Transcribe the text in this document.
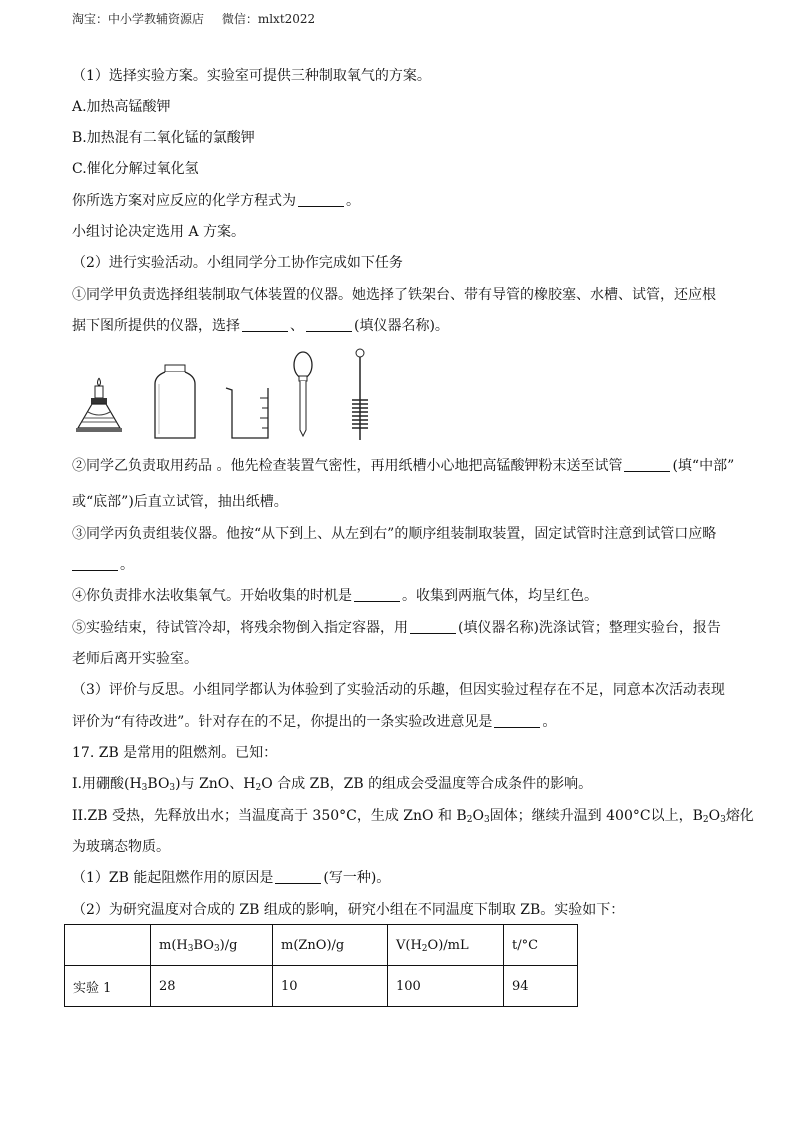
淘宝：中小学教辅资源店 微信：mlxt2022
（1）选择实验方案。实验室可提供三种制取氧气的方案。
A.加热高锰酸钾
B.加热混有二氧化锰的氯酸钾
C.催化分解过氧化氢
你所选方案对应反应的化学方程式为	。
小组讨论决定选用 A 方案。
（2）进行实验活动。小组同学分工协作完成如下任务
①同学甲负责选择组装制取气体装置的仪器。她选择了铁架台、带有导管的橡胶塞、水槽、试管，还应根
据下图所提供的仪器，选择	、	(填仪器名称)。
②同学乙负责取用药品 。他先检查装置气密性，再用纸槽小心地把高锰酸钾粉末送至试管	(填“中部”
或“底部”)后直立试管，抽出纸槽。
③同学丙负责组装仪器。他按“从下到上、从左到右”的顺序组装制取装置，固定试管时注意到试管口应略
。
④你负责排水法收集氧气。开始收集的时机是	。收集到两瓶气体，均呈红色。
⑤实验结束，待试管冷却，将残余物倒入指定容器，用	(填仪器名称)洗涤试管；整理实验台，报告
老师后离开实验室。
（3）评价与反思。小组同学都认为体验到了实验活动的乐趣，但因实验过程存在不足，同意本次活动表现
评价为“有待改进”。针对存在的不足，你提出的一条实验改进意见是	。
17. ZB 是常用的阻燃剂。已知：
I.用硼酸$(H_3BO_3)$与 ZnO、$H_2O$ 合成 ZB，ZB 的组成会受温度等合成条件的影响。
II.ZB 受热，先释放出水；当温度高于 350°C，生成 ZnO 和 $B_2O_3$固体；继续升温到 400°C以上，$B_2O_3$熔化
为玻璃态物质。
（1）ZB 能起阻燃作用的原因是	(写一种)。
（2）为研究温度对合成的 ZB 组成的影响，研究小组在不同温度下制取 ZB。实验如下：
	$m(H_3BO_3)/g$	m(ZnO)/g	$V(H_2O)/mL$	t/°C
实验 1	28	10	100	94
